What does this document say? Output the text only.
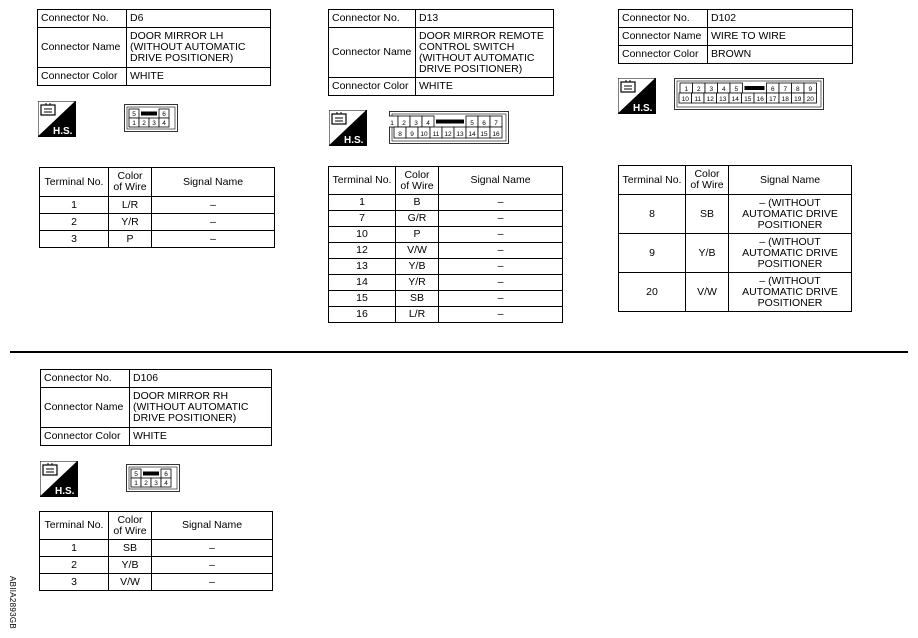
Connector No.	D6
Connector Name	DOOR MIRROR LH (WITHOUT AUTOMATIC DRIVE POSITIONER)
Connector Color	WHITE
H.S.
5	6
1 2 3 4
Terminal No.	Color of Wire	Signal Name
1	L/R	–
2	Y/R	–
3	P	–
Connector No.	D13
Connector Name	DOOR MIRROR REMOTE CONTROL SWITCH (WITHOUT AUTOMATIC DRIVE POSITIONER)
Connector Color	WHITE
H.S.
1 2 3 4	5 6 7
8 9 10 11 12 13 14 15 16
Terminal No.	Color of Wire	Signal Name
1	B	–
7	G/R	–
10	P	–
12	V/W	–
13	Y/B	–
14	Y/R	–
15	SB	–
16	L/R	–
Connector No.	D102
Connector Name	WIRE TO WIRE
Connector Color	BROWN
H.S.
1 2 3 4 5	6 7 8 9
10 11 12 13 14 15 16 17 18 19 20
Terminal No.	Color of Wire	Signal Name
8	SB	– (WITHOUT AUTOMATIC DRIVE POSITIONER
9	Y/B	– (WITHOUT AUTOMATIC DRIVE POSITIONER
20	V/W	– (WITHOUT AUTOMATIC DRIVE POSITIONER
Connector No.	D106
Connector Name	DOOR MIRROR RH (WITHOUT AUTOMATIC DRIVE POSITIONER)
Connector Color	WHITE
H.S.
5	6
1 2 3 4
Terminal No.	Color of Wire	Signal Name
1	SB	–
2	Y/B	–
3	V/W	–
ABIIA2893GB
